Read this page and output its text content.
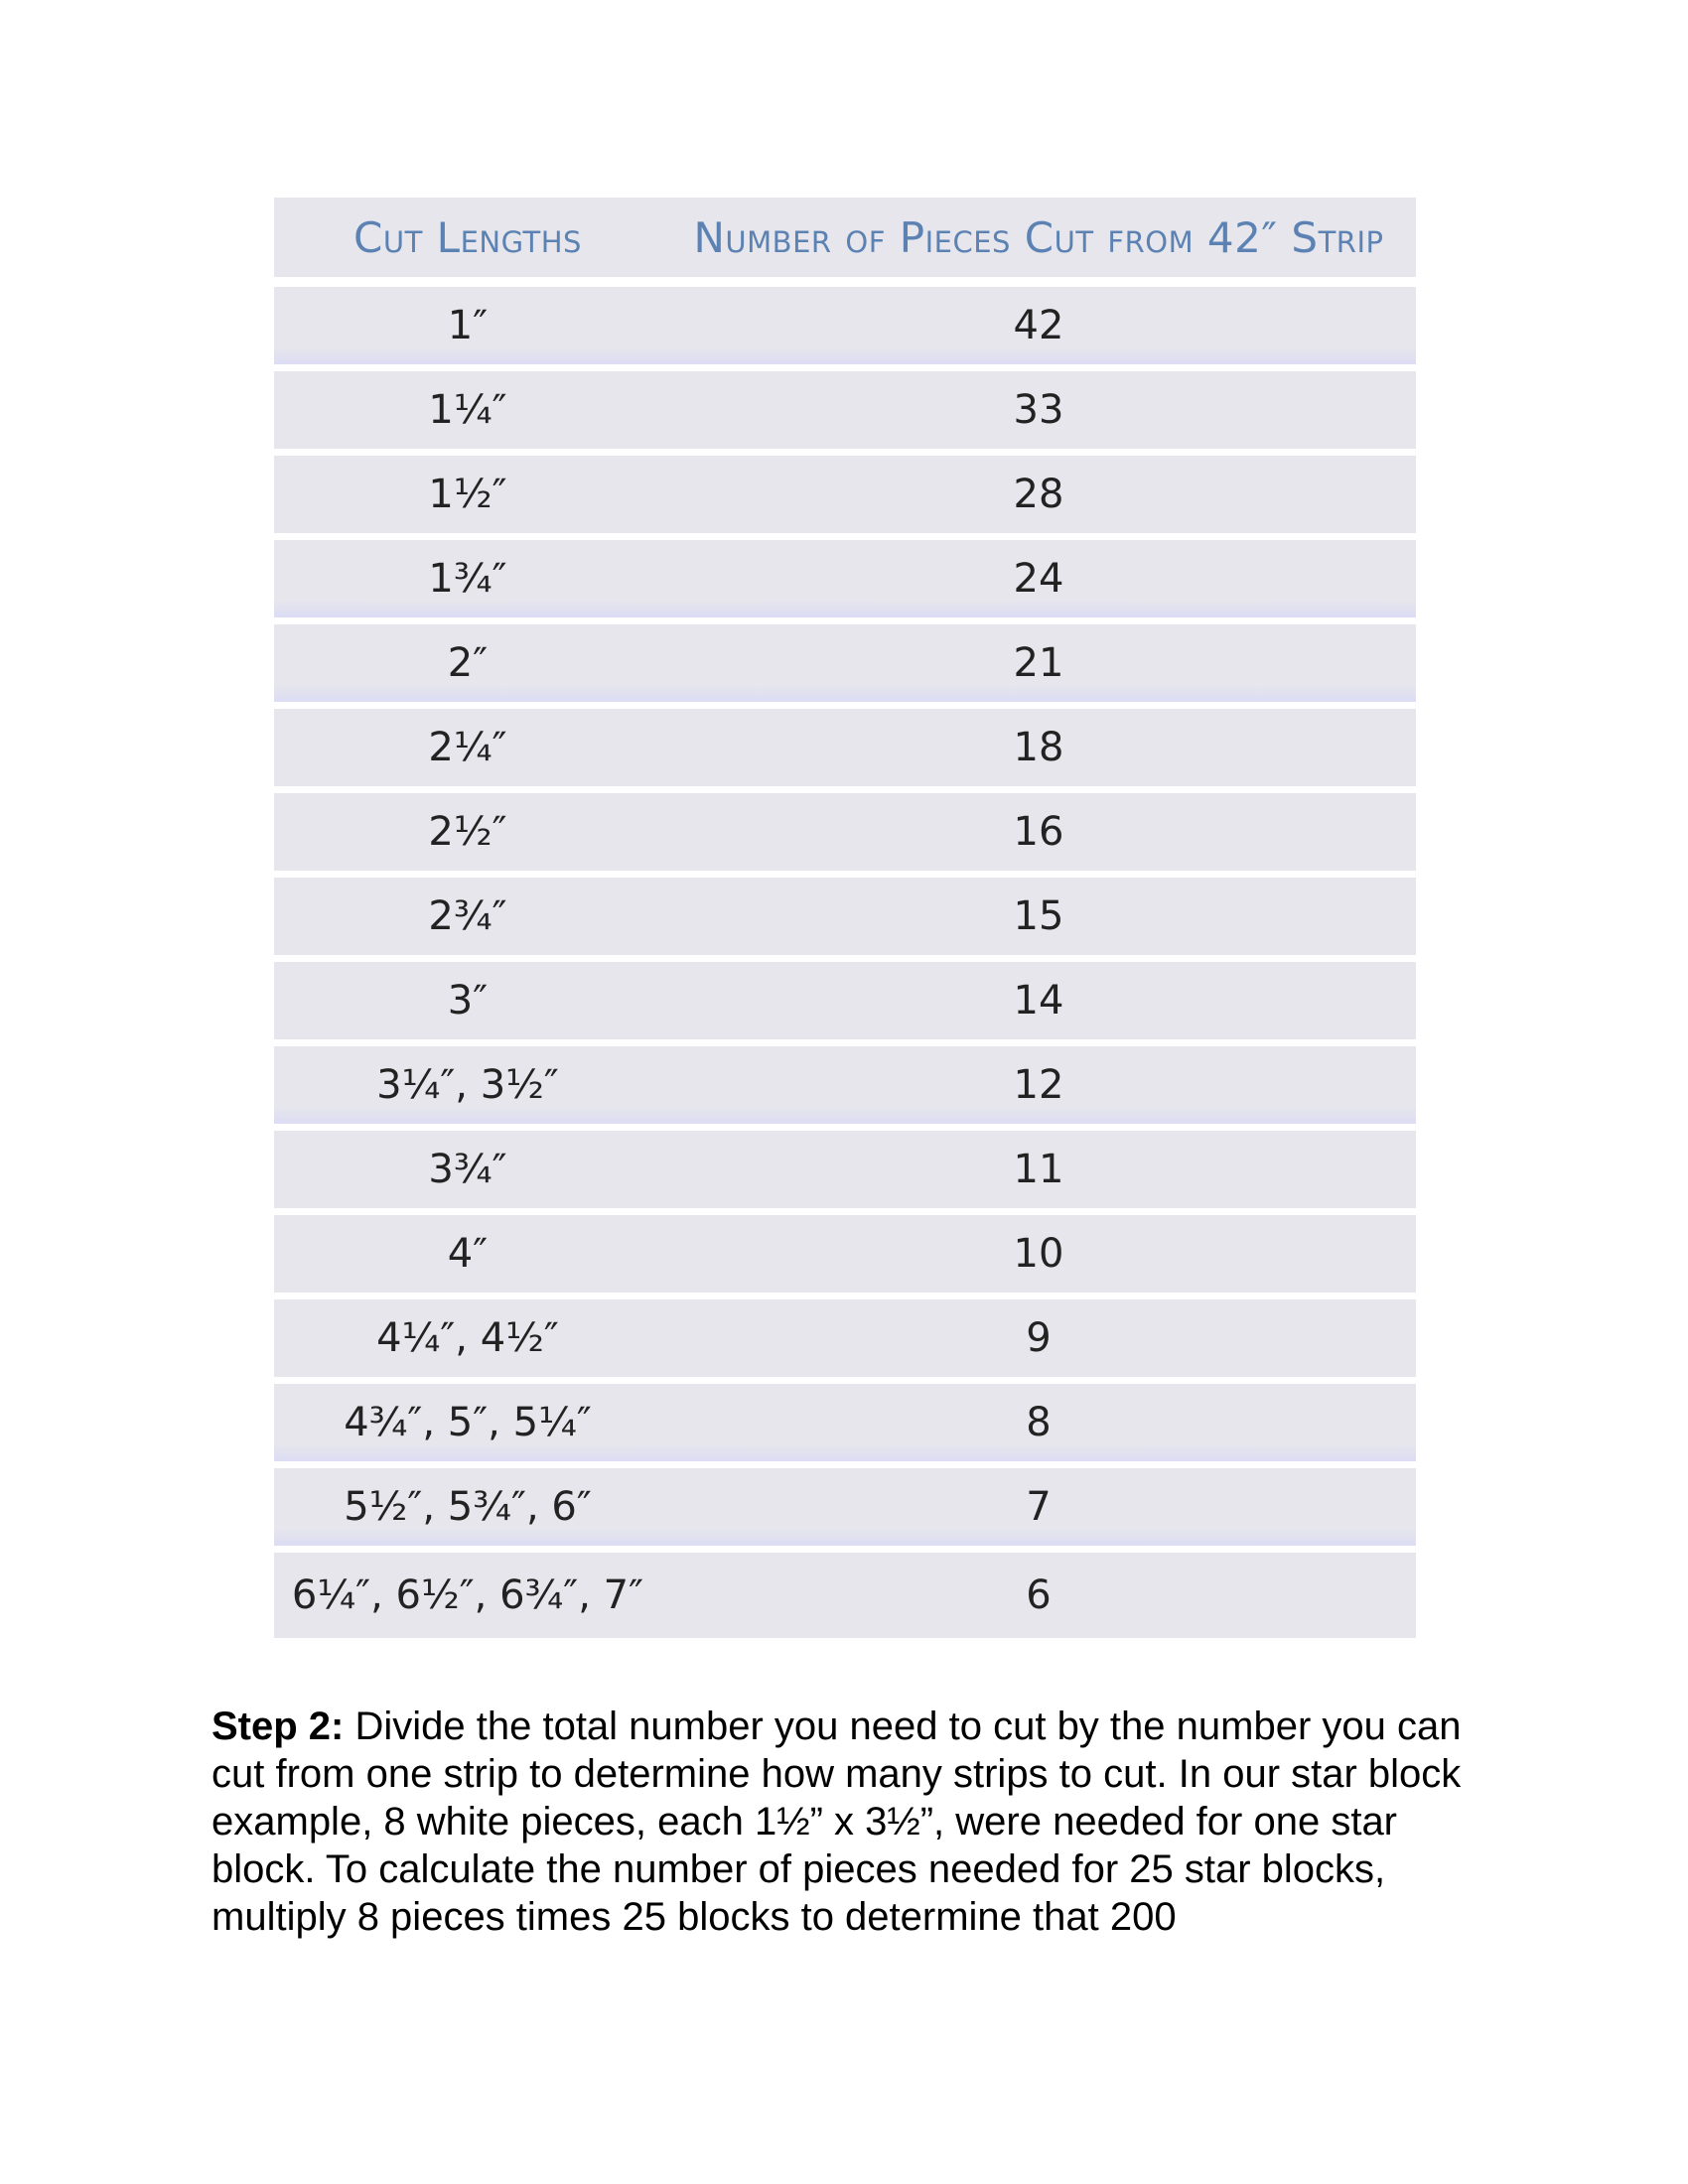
Cut Lengths	Number of Pieces Cut from 42″ Strip
1″	42
1¼″	33
1½″	28
1¾″	24
2″	21
2¼″	18
2½″	16
2¾″	15
3″	14
3¼″, 3½″	12
3¾″	11
4″	10
4¼″, 4½″	9
4¾″, 5″, 5¼″	8
5½″, 5¾″, 6″	7
6¼″, 6½″, 6¾″, 7″	6

Step 2: Divide the total number you need to cut by the number you can cut from one strip to determine how many strips to cut. In our star block example, 8 white pieces, each 1½” x 3½”, were needed for one star block. To calculate the number of pieces needed for 25 star blocks, multiply 8 pieces times 25 blocks to determine that 200
